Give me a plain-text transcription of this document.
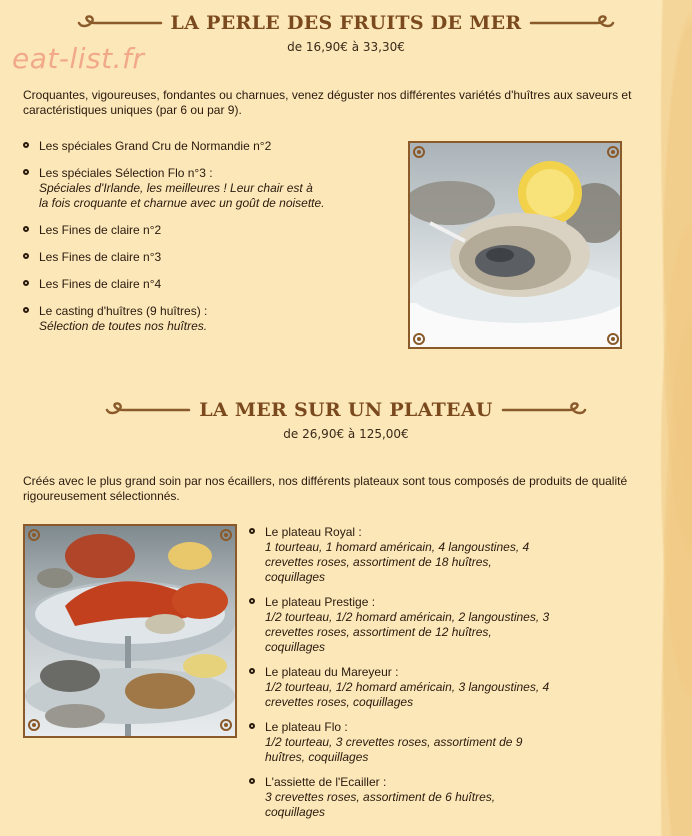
LA PERLE DES FRUITS DE MER
de 16,90€ à 33,30€
eat-list.fr
Croquantes, vigoureuses, fondantes ou charnues, venez déguster nos différentes variétés d'huîtres aux saveurs et caractéristiques uniques (par 6 ou par 9).
Les spéciales Grand Cru de Normandie n°2
Les spéciales Sélection Flo n°3 :
Spéciales d'Irlande, les meilleures ! Leur chair est à
la fois croquante et charnue avec un goût de noisette.
Les Fines de claire n°2
Les Fines de claire n°3
Les Fines de claire n°4
Le casting d'huîtres (9 huîtres) :
Sélection de toutes nos huîtres.
LA MER SUR UN PLATEAU
de 26,90€ à 125,00€
Créés avec le plus grand soin par nos écaillers, nos différents plateaux sont tous composés de produits de qualité rigoureusement sélectionnés.
Le plateau Royal :
1 tourteau, 1 homard américain, 4 langoustines, 4
crevettes roses, assortiment de 18 huîtres,
coquillages
Le plateau Prestige :
1/2 tourteau, 1/2 homard américain, 2 langoustines, 3
crevettes roses, assortiment de 12 huîtres,
coquillages
Le plateau du Mareyeur :
1/2 tourteau, 1/2 homard américain, 3 langoustines, 4
crevettes roses, coquillages
Le plateau Flo :
1/2 tourteau, 3 crevettes roses, assortiment de 9
huîtres, coquillages
L'assiette de l'Ecailler :
3 crevettes roses, assortiment de 6 huîtres,
coquillages
